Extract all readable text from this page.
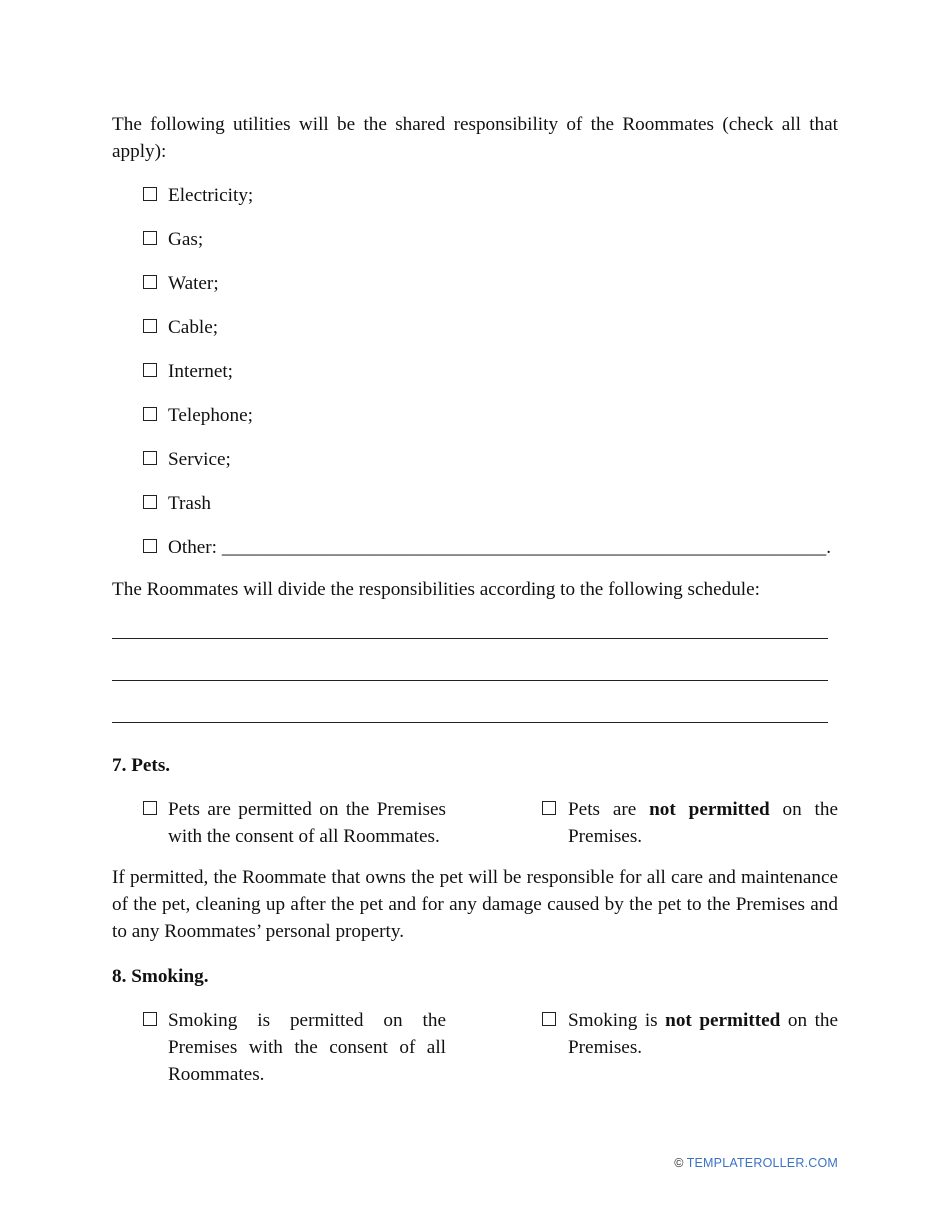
The following utilities will be the shared responsibility of the Roommates (check all that apply):

Electricity;
Gas;
Water;
Cable;
Internet;
Telephone;
Service;
Trash
Other: _______________________________________________________________.

The Roommates will divide the responsibilities according to the following schedule:

7. Pets.

Pets are permitted on the Premises with the consent of all Roommates.
Pets are not permitted on the Premises.

If permitted, the Roommate that owns the pet will be responsible for all care and maintenance of the pet, cleaning up after the pet and for any damage caused by the pet to the Premises and to any Roommates’ personal property.

8. Smoking.

Smoking is permitted on the Premises with the consent of all Roommates.
Smoking is not permitted on the Premises.
© TEMPLATEROLLER.COM
